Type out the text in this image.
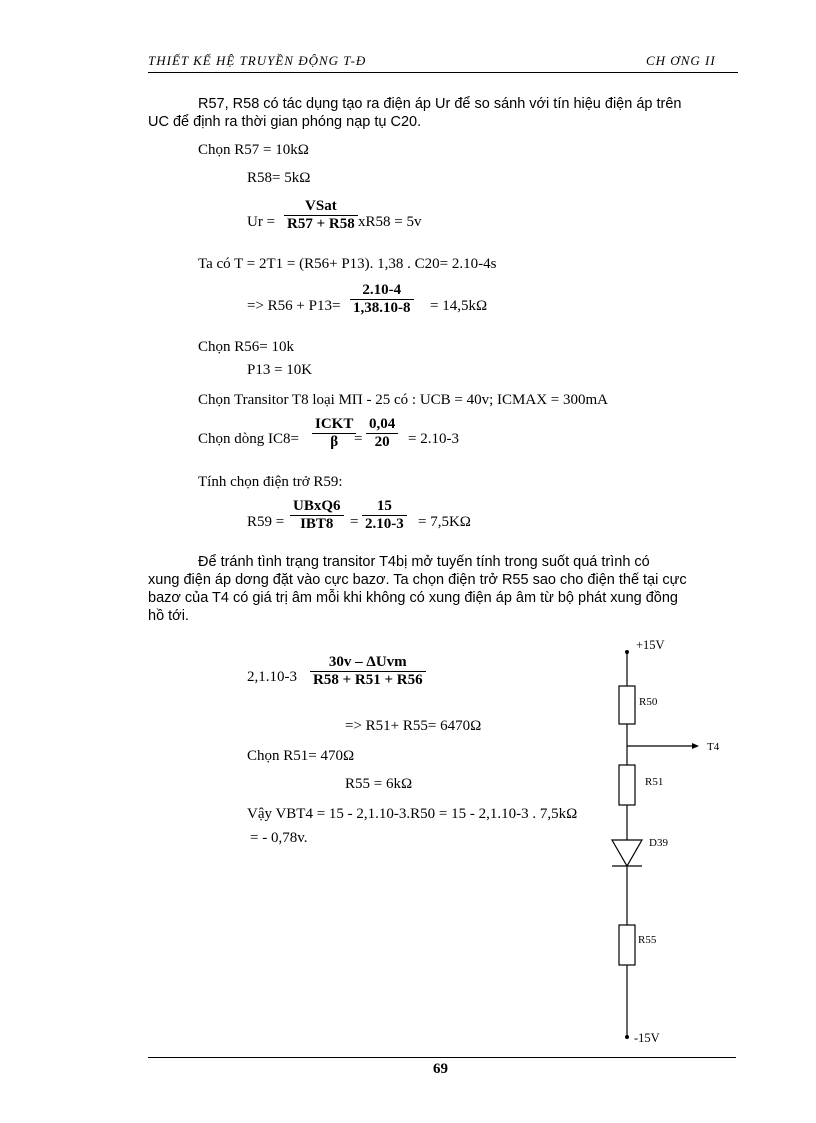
THIẾT KẾ HỆ TRUYỀN ĐỘNG T-Đ	CH ƠNG II
R57, R58 có tác dụng tạo ra điện áp Ur để so sánh với tín hiệu điện áp trên
UC để định ra thời gian phóng nạp tụ C20.
Chọn R57 = 10kΩ
R58= 5kΩ
Ur =
VSat
R57 + R58 xR58 = 5v
Ta có T = 2T1 = (R56+ P13). 1,38 . C20= 2.10-4s
=> $R56 + P13= \frac{2.10-4}{1,38.10-8} = 14,5k\Omega$
Chọn R56= 10k
P13 = 10K
Chọn Transitor T8 loại MΠ - 25 có : UCB = 40v; ICMAX = 300mA
Chọn dòng IC8=
ICKT
β	= $\frac{0,04}{20} = 2.10-3$
Tính chọn điện trở R59:
R59 =
UBxQ6
IBT8	= $\frac{15}{2.10-3} = 7,5K\Omega$
Để tránh tình trạng transitor T4bị mở tuyến tính trong suốt quá trình có
xung điện áp dơng đặt vào cực bazơ. Ta chọn điện trở R55 sao cho điện thế tại cực
bazơ của T4 có giá trị âm mỗi khi không có xung điện áp âm từ bộ phát xung đồng
hồ tới.
2,1.10-3
30v – ΔUvm
R58 + R51 + R56
=> R51+ R55= 6470Ω
Chọn R51= 470Ω
R55 = 6kΩ
Vậy VBT4 = 15 - 2,1.10-3.R50 = 15 - 2,1.10-3 . 7,5kΩ
= - 0,78v.
+15V
R50
T4
R51
D39
R55
-15V
69
